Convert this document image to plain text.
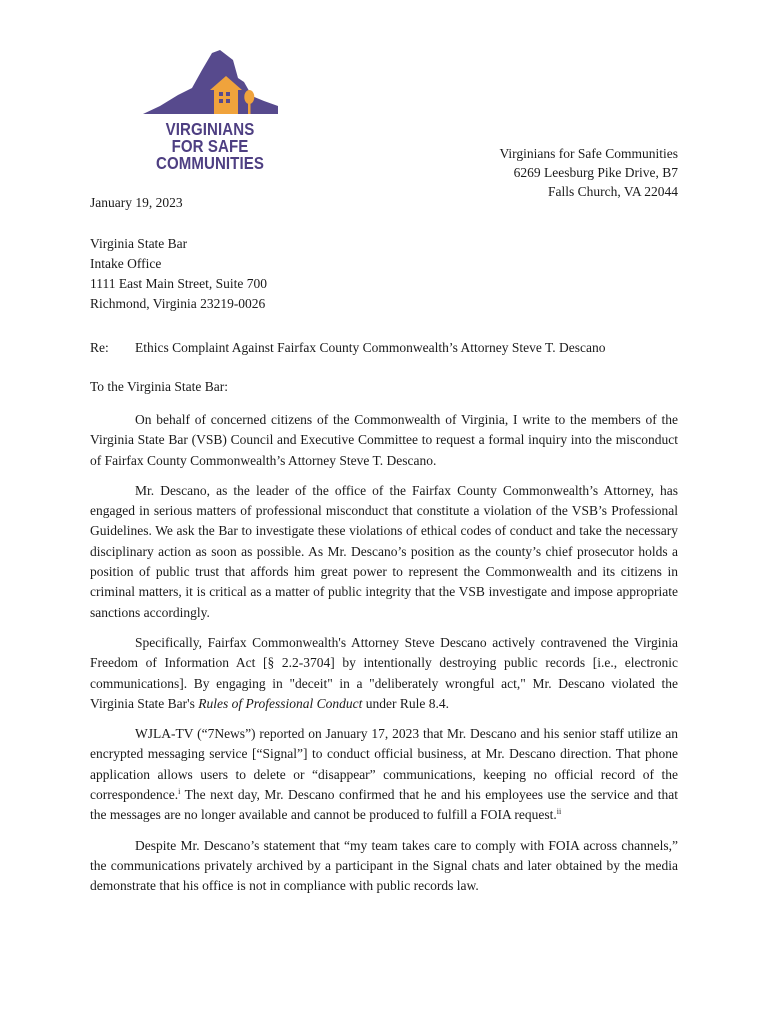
VIRGINIANS FOR SAFE
COMMUNITIES	Virginians for Safe Communities
6269 Leesburg Pike Drive, B7
Falls Church, VA 22044
January 19, 2023
Virginia State Bar
Intake Office
1111 East Main Street, Suite 700
Richmond, Virginia 23219-0026
Re: Ethics Complaint Against Fairfax County Commonwealth’s Attorney Steve T. Descano
To the Virginia State Bar:

On behalf of concerned citizens of the Commonwealth of Virginia, I write to the members of the Virginia State Bar (VSB) Council and Executive Committee to request a formal inquiry into the misconduct of Fairfax County Commonwealth’s Attorney Steve T. Descano.

Mr. Descano, as the leader of the office of the Fairfax County Commonwealth’s Attorney, has engaged in serious matters of professional misconduct that constitute a violation of the VSB’s Professional Guidelines. We ask the Bar to investigate these violations of ethical codes of conduct and take the necessary disciplinary action as soon as possible. As Mr. Descano’s position as the county’s chief prosecutor holds a position of public trust that affords him great power to represent the Commonwealth and its citizens in criminal matters, it is critical as a matter of public integrity that the VSB investigate and impose appropriate sanctions accordingly.

Specifically, Fairfax Commonwealth's Attorney Steve Descano actively contravened the Virginia Freedom of Information Act [§ 2.2-3704] by intentionally destroying public records [i.e., electronic communications]. By engaging in "deceit" in a "deliberately wrongful act," Mr. Descano violated the Virginia State Bar's Rules of Professional Conduct under Rule 8.4.

WJLA-TV (“7News”) reported on January 17, 2023 that Mr. Descano and his senior staff utilize an encrypted messaging service [“Signal”] to conduct official business, at Mr. Descano direction. That phone application allows users to delete or “disappear” communications, keeping no official record of the correspondence.$^i$ The next day, Mr. Descano confirmed that he and his employees use the service and that the messages are no longer available and cannot be produced to fulfill a FOIA request.$^{ii}$

Despite Mr. Descano’s statement that “my team takes care to comply with FOIA across channels,” the communications privately archived by a participant in the Signal chats and later obtained by the media demonstrate that his office is not in compliance with public records law.
